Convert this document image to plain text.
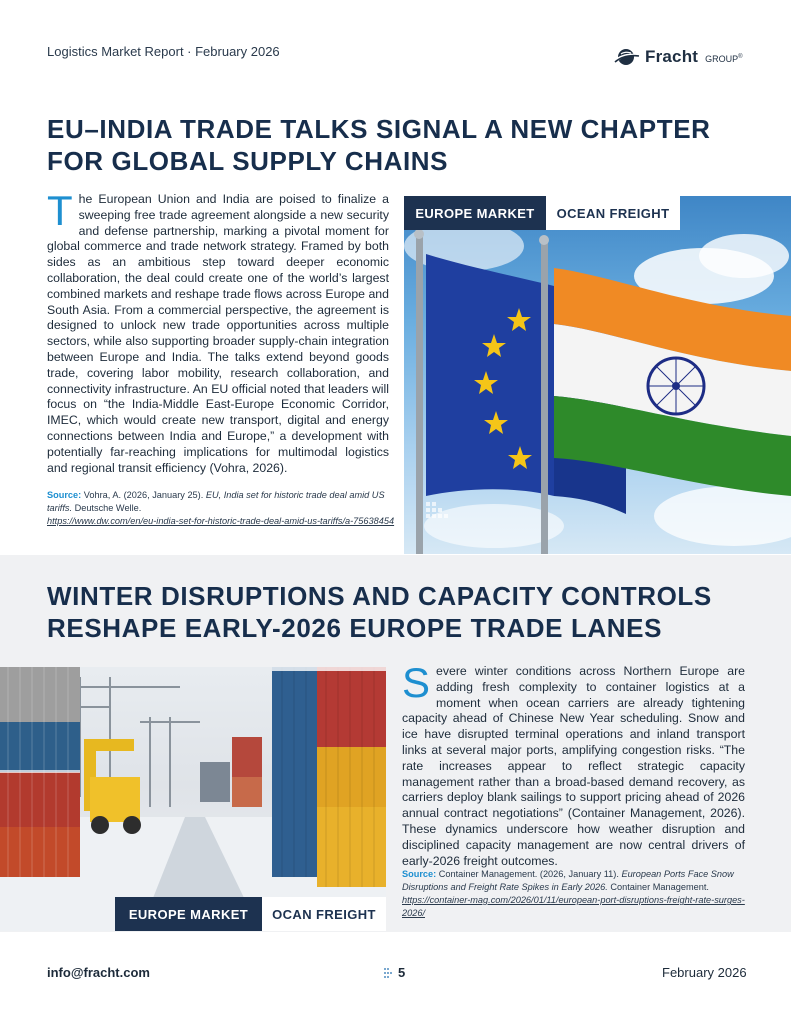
Logistics Market Report · February 2026	Fracht GROUP®
EU–INDIA TRADE TALKS SIGNAL A NEW CHAPTER FOR GLOBAL SUPPLY CHAINS
The European Union and India are poised to finalize a sweeping free trade agreement alongside a new security and defense partnership, marking a pivotal moment for global commerce and trade network strategy. Framed by both sides as an ambitious step toward deeper economic collaboration, the deal could create one of the world’s largest combined markets and reshape trade flows across Europe and South Asia. From a commercial perspective, the agreement is designed to unlock new trade opportunities across multiple sectors, while also supporting broader supply-chain integration between Europe and India. The talks extend beyond goods trade, covering labor mobility, research collaboration, and connectivity infrastructure. An EU official noted that leaders will focus on “the India-Middle East-Europe Economic Corridor, IMEC, which would create new transport, digital and energy connections between India and Europe,” a development with potentially far-reaching implications for multimodal logistics and regional transit efficiency (Vohra, 2026).
Source: Vohra, A. (2026, January 25). EU, India set for historic trade deal amid US tariffs. Deutsche Welle.
https://www.dw.com/en/eu-india-set-for-historic-trade-deal-amid-us-tariffs/a-75638454
EUROPE MARKET	OCEAN FREIGHT
WINTER DISRUPTIONS AND CAPACITY CONTROLS RESHAPE EARLY-2026 EUROPE TRADE LANES
EUROPE MARKET	OCAN FREIGHT
Severe winter conditions across Northern Europe are adding fresh complexity to container logistics at a moment when ocean carriers are already tightening capacity ahead of Chinese New Year scheduling. Snow and ice have disrupted terminal operations and inland transport links at several major ports, amplifying congestion risks. “The rate increases appear to reflect strategic capacity management rather than a broad-based demand recovery, as carriers deploy blank sailings to support pricing ahead of 2026 annual contract negotiations” (Container Management, 2026). These dynamics underscore how weather disruption and disciplined capacity management are now central drivers of early-2026 freight outcomes.
Source: Container Management. (2026, January 11). European Ports Face Snow Disruptions and Freight Rate Spikes in Early 2026. Container Management.
https://container-mag.com/2026/01/11/european-port-disruptions-freight-rate-surges-2026/
info@fracht.com	5	February 2026
